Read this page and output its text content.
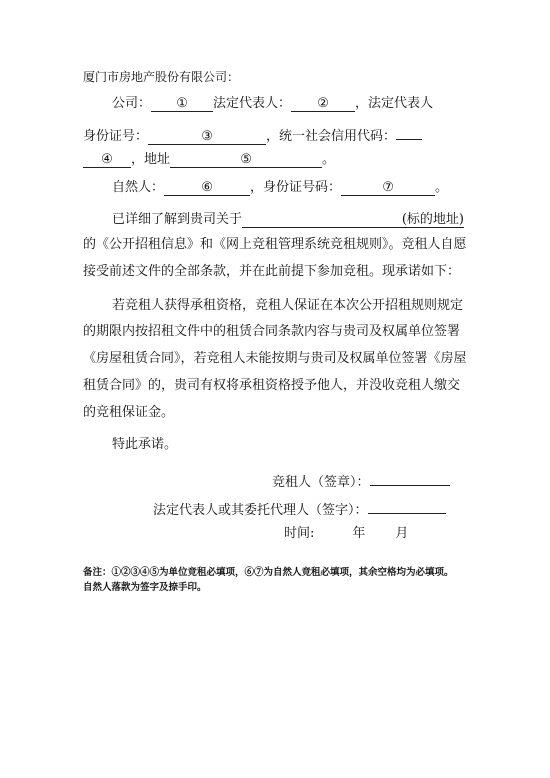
厦门市房地产股份有限公司：
公司： ① 法定代表人： ② ，法定代表人
身份证号：	③	，统一社会信用代码：
④ ，地址	⑤	。
自然人：	⑥	，身份证号码：	⑦	。
已详细了解到贵司关于	(标的地址)
的《公开招租信息》和《网上竞租管理系统竞租规则》。竞租人自愿
接受前述文件的全部条款，并在此前提下参加竞租。现承诺如下：
若竞租人获得承租资格，竞租人保证在本次公开招租规则规定
的期限内按招租文件中的租赁合同条款内容与贵司及权属单位签署
《房屋租赁合同》，若竞租人未能按期与贵司及权属单位签署《房屋
租赁合同》的，贵司有权将承租资格授予他人，并没收竞租人缴交
的竞租保证金。
特此承诺。
竞租人（签章）：
法定代表人或其委托代理人（签字）：
时间:	年 月
备注：①②③④⑤为单位竞租必填项，⑥⑦为自然人竞租必填项，其余空格均为必填项。
自然人落款为签字及捺手印。
